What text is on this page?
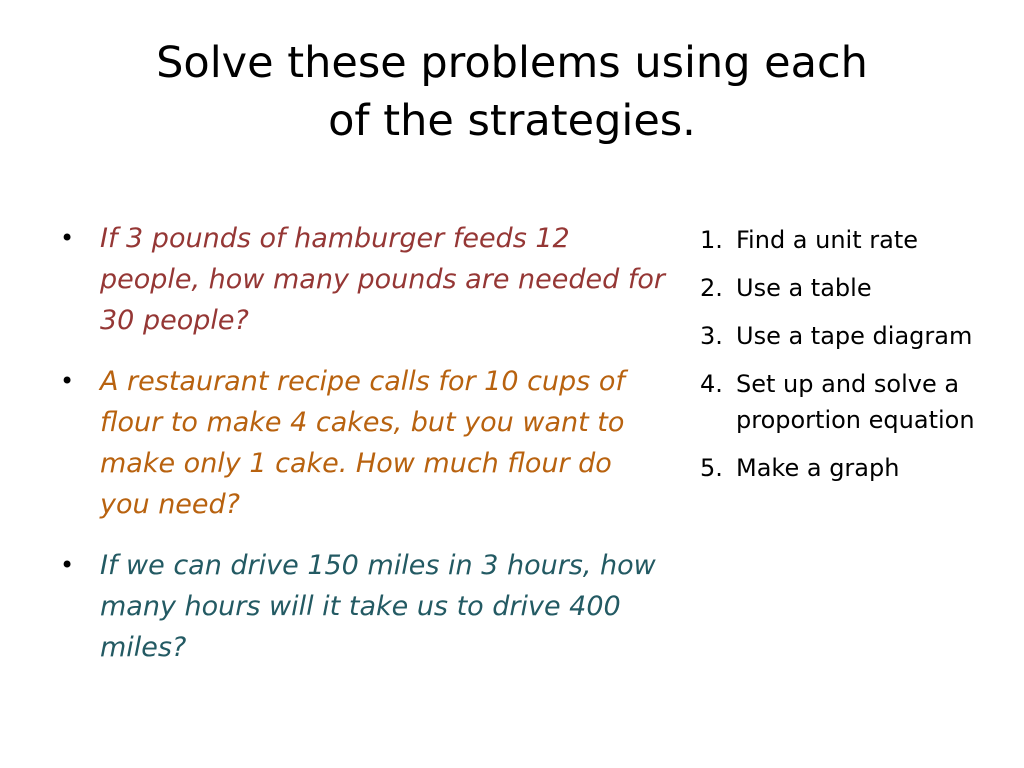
Solve these problems using each
of the strategies.
• If 3 pounds of hamburger feeds 12 people, how many pounds are needed for 30 people?
• A restaurant recipe calls for 10 cups of flour to make 4 cakes, but you want to make only 1 cake. How much flour do you need?
• If we can drive 150 miles in 3 hours, how many hours will it take us to drive 400 miles?
1. Find a unit rate
2. Use a table
3. Use a tape diagram
4. Set up and solve a proportion equation
5. Make a graph
